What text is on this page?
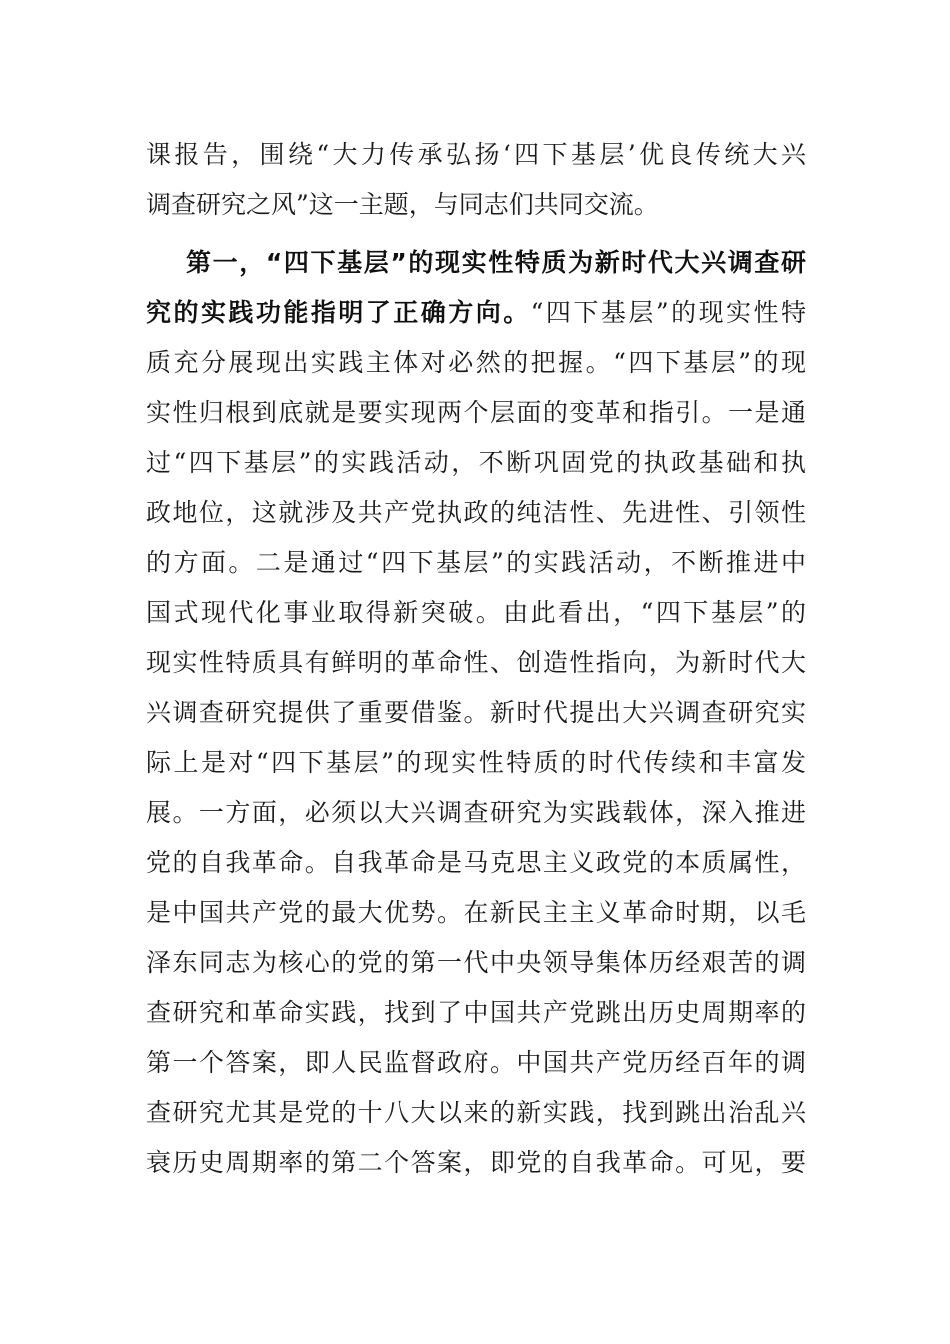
课报告，围绕“大力传承弘扬‘四下基层’优良传统大兴
调查研究之风”这一主题，与同志们共同交流。
第一，“四下基层”的现实性特质为新时代大兴调查研
究的实践功能指明了正确方向。“四下基层”的现实性特
质充分展现出实践主体对必然的把握。“四下基层”的现
实性归根到底就是要实现两个层面的变革和指引。一是通
过“四下基层”的实践活动，不断巩固党的执政基础和执
政地位，这就涉及共产党执政的纯洁性、先进性、引领性
的方面。二是通过“四下基层”的实践活动，不断推进中
国式现代化事业取得新突破。由此看出，“四下基层”的
现实性特质具有鲜明的革命性、创造性指向，为新时代大
兴调查研究提供了重要借鉴。新时代提出大兴调查研究实
际上是对“四下基层”的现实性特质的时代传续和丰富发
展。一方面，必须以大兴调查研究为实践载体，深入推进
党的自我革命。自我革命是马克思主义政党的本质属性，
是中国共产党的最大优势。在新民主主义革命时期，以毛
泽东同志为核心的党的第一代中央领导集体历经艰苦的调
查研究和革命实践，找到了中国共产党跳出历史周期率的
第一个答案，即人民监督政府。中国共产党历经百年的调
查研究尤其是党的十八大以来的新实践，找到跳出治乱兴
衰历史周期率的第二个答案，即党的自我革命。可见，要
